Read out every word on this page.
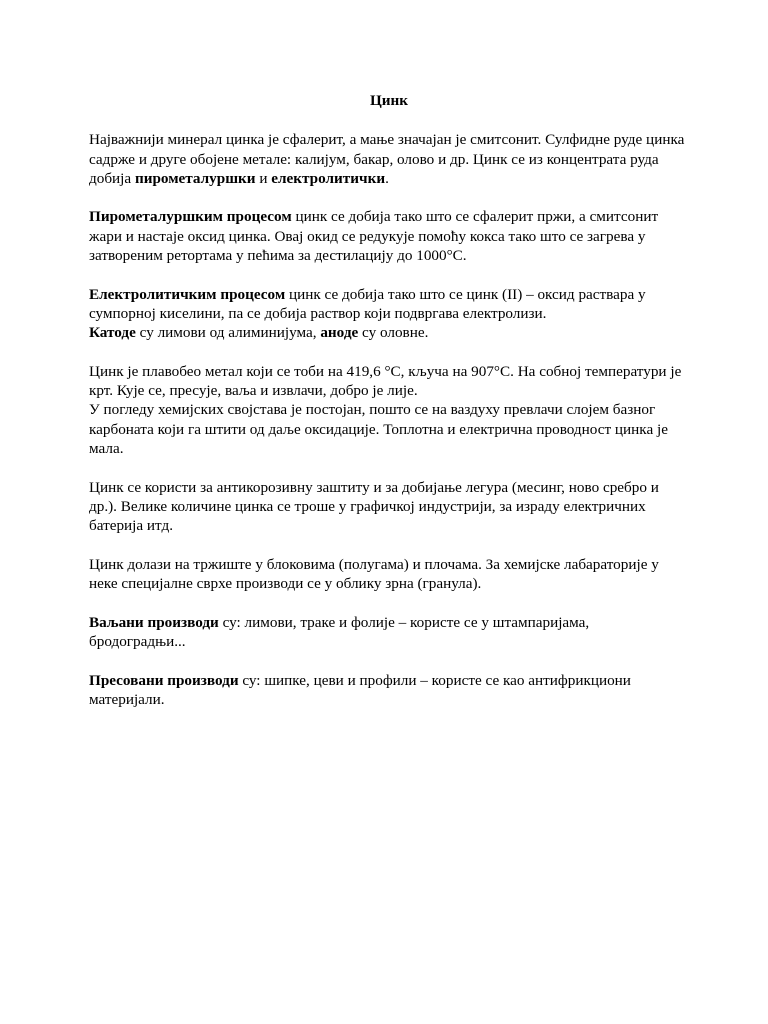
Цинк

Најважнији минерал цинка је сфалерит, а мање значајан је смитсонит. Сулфидне руде цинка садрже и друге обојене метале: калијум, бакар, олово и др. Цинк се из концентрата руда добија пирометалуршки и електролитички.

Пирометалуршким процесом цинк се добија тако што се сфалерит пржи, а смитсонит жари и настаје оксид цинка. Овај окид се редукује помоћу кокса тако што се загрева у затвореним ретортама у пећима за дестилацију до 1000°С.

Електролитичким процесом цинк се добија тако што се цинк (II) – оксид раствара у сумпорној киселини, па се добија раствор који подвргава електролизи.

Катоде су лимови од алиминијума, аноде су оловне.

Цинк је плавобео метал који се тоби на 419,6 °С, кључа на 907°С. На собној температури је крт. Кује се, пресује, ваља и извлачи, добро је лије.

У погледу хемијских својстава је постојан, пошто се на ваздуху превлачи слојем базног карбоната који га штити од даље оксидације. Топлотна и електрична проводност цинка је мала.

Цинк се користи за антикорозивну заштиту и за добијање легура (месинг, ново сребро и др.). Велике количине цинка се троше у графичкој индустрији, за израду електричних батерија итд.

Цинк долази на тржиште у блоковима (полугама) и плочама. За хемијске лабараторије у неке специјалне сврхе производи се у облику зрна (гранула).

Ваљани производи су: лимови, траке и фолије – користе се у штампаријама, бродоградњи...

Пресовани производи су: шипке, цеви и профили – користе се као антифрикциони материјали.
